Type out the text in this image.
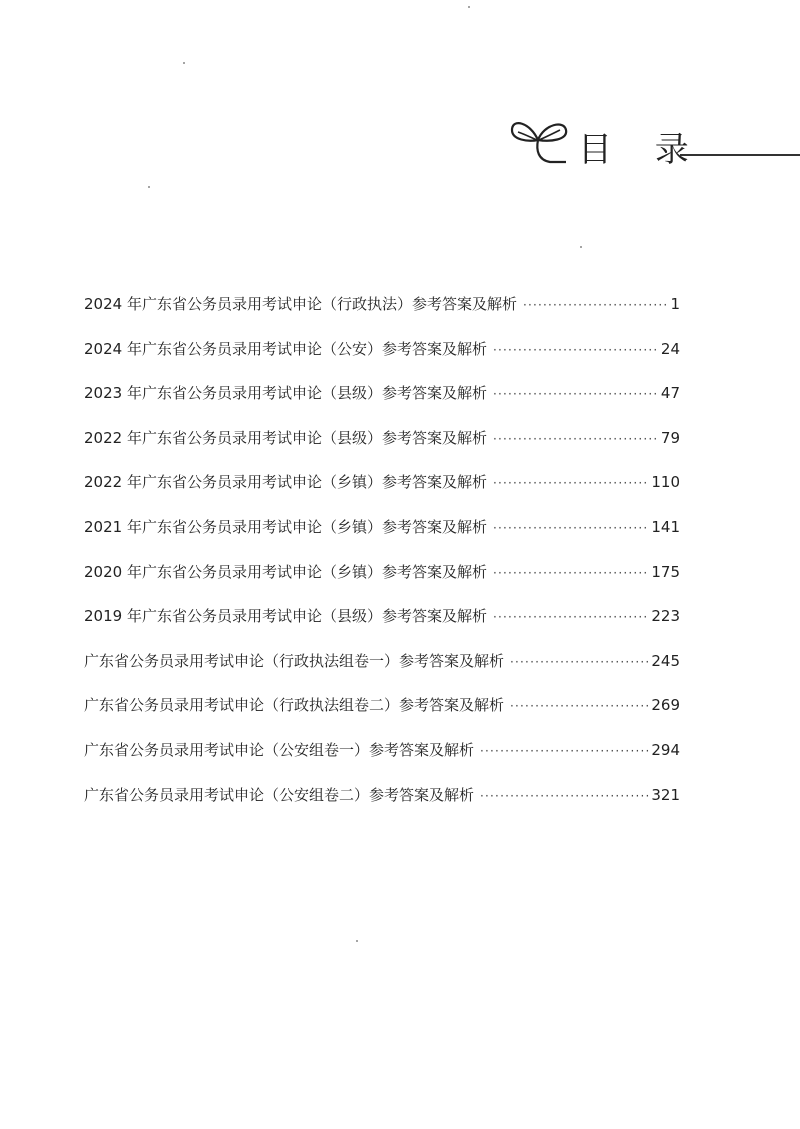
目 录
2024 年广东省公务员录用考试申论（行政执法）参考答案及解析 ·····	1
2024 年广东省公务员录用考试申论（公安）参考答案及解析 ·····	24
2023 年广东省公务员录用考试申论（县级）参考答案及解析 ·····	47
2022 年广东省公务员录用考试申论（县级）参考答案及解析 ·····	79
2022 年广东省公务员录用考试申论（乡镇）参考答案及解析 ·····	110
2021 年广东省公务员录用考试申论（乡镇）参考答案及解析 ·····	141
2020 年广东省公务员录用考试申论（乡镇）参考答案及解析 ·····	175
2019 年广东省公务员录用考试申论（县级）参考答案及解析 ·····	223
广东省公务员录用考试申论（行政执法组卷一）参考答案及解析 ·····	245
广东省公务员录用考试申论（行政执法组卷二）参考答案及解析 ·····	269
广东省公务员录用考试申论（公安组卷一）参考答案及解析 ·····	294
广东省公务员录用考试申论（公安组卷二）参考答案及解析 ·····	321
